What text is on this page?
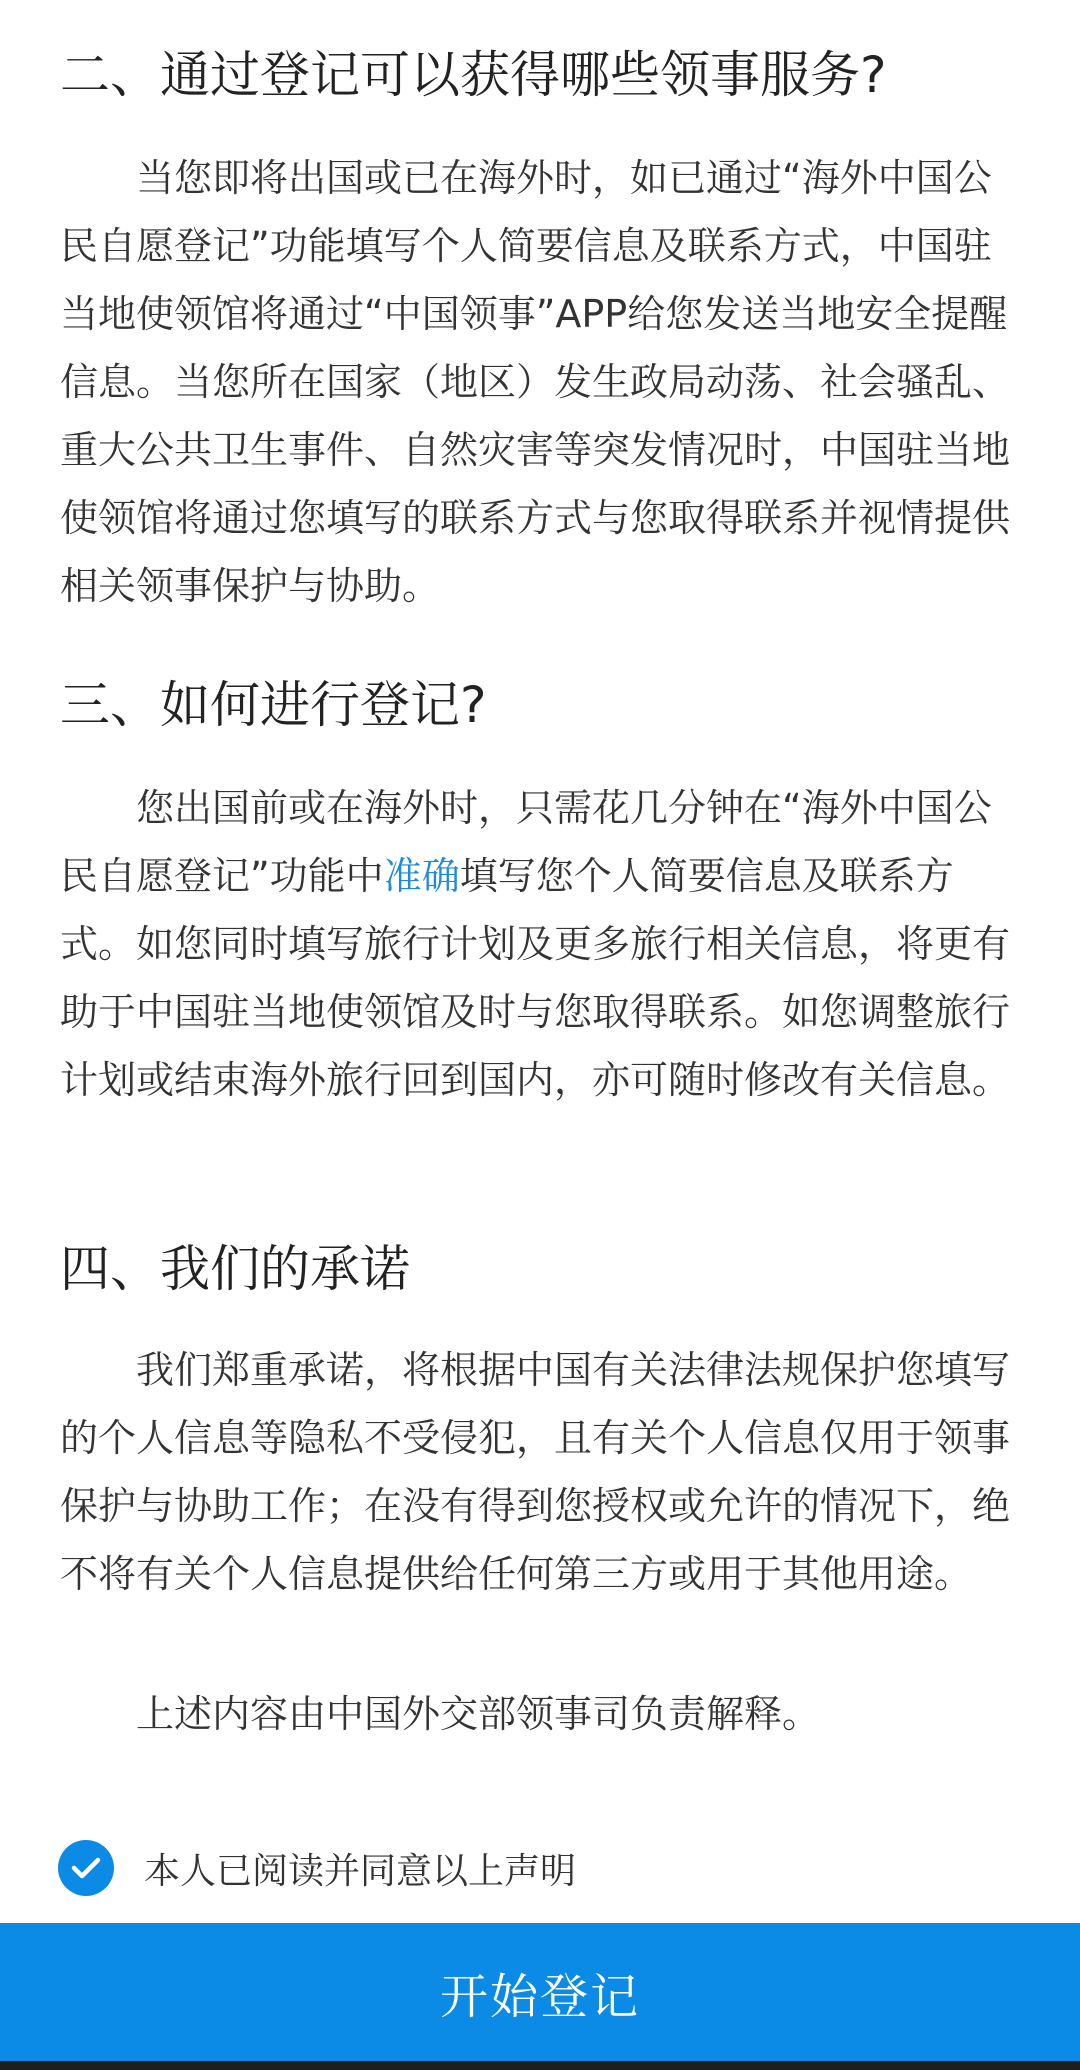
二、通过登记可以获得哪些领事服务?

当您即将出国或已在海外时，如已通过“海外中国公民自愿登记”功能填写个人简要信息及联系方式，中国驻当地使领馆将通过“中国领事”APP给您发送当地安全提醒信息。当您所在国家（地区）发生政局动荡、社会骚乱、重大公共卫生事件、自然灾害等突发情况时，中国驻当地使领馆将通过您填写的联系方式与您取得联系并视情提供相关领事保护与协助。

三、如何进行登记?

您出国前或在海外时，只需花几分钟在“海外中国公民自愿登记”功能中准确填写您个人简要信息及联系方式。如您同时填写旅行计划及更多旅行相关信息，将更有助于中国驻当地使领馆及时与您取得联系。如您调整旅行计划或结束海外旅行回到国内，亦可随时修改有关信息。

四、我们的承诺

我们郑重承诺，将根据中国有关法律法规保护您填写的个人信息等隐私不受侵犯，且有关个人信息仅用于领事保护与协助工作；在没有得到您授权或允许的情况下，绝不将有关个人信息提供给任何第三方或用于其他用途。

上述内容由中国外交部领事司负责解释。

本人已阅读并同意以上声明
开始登记
